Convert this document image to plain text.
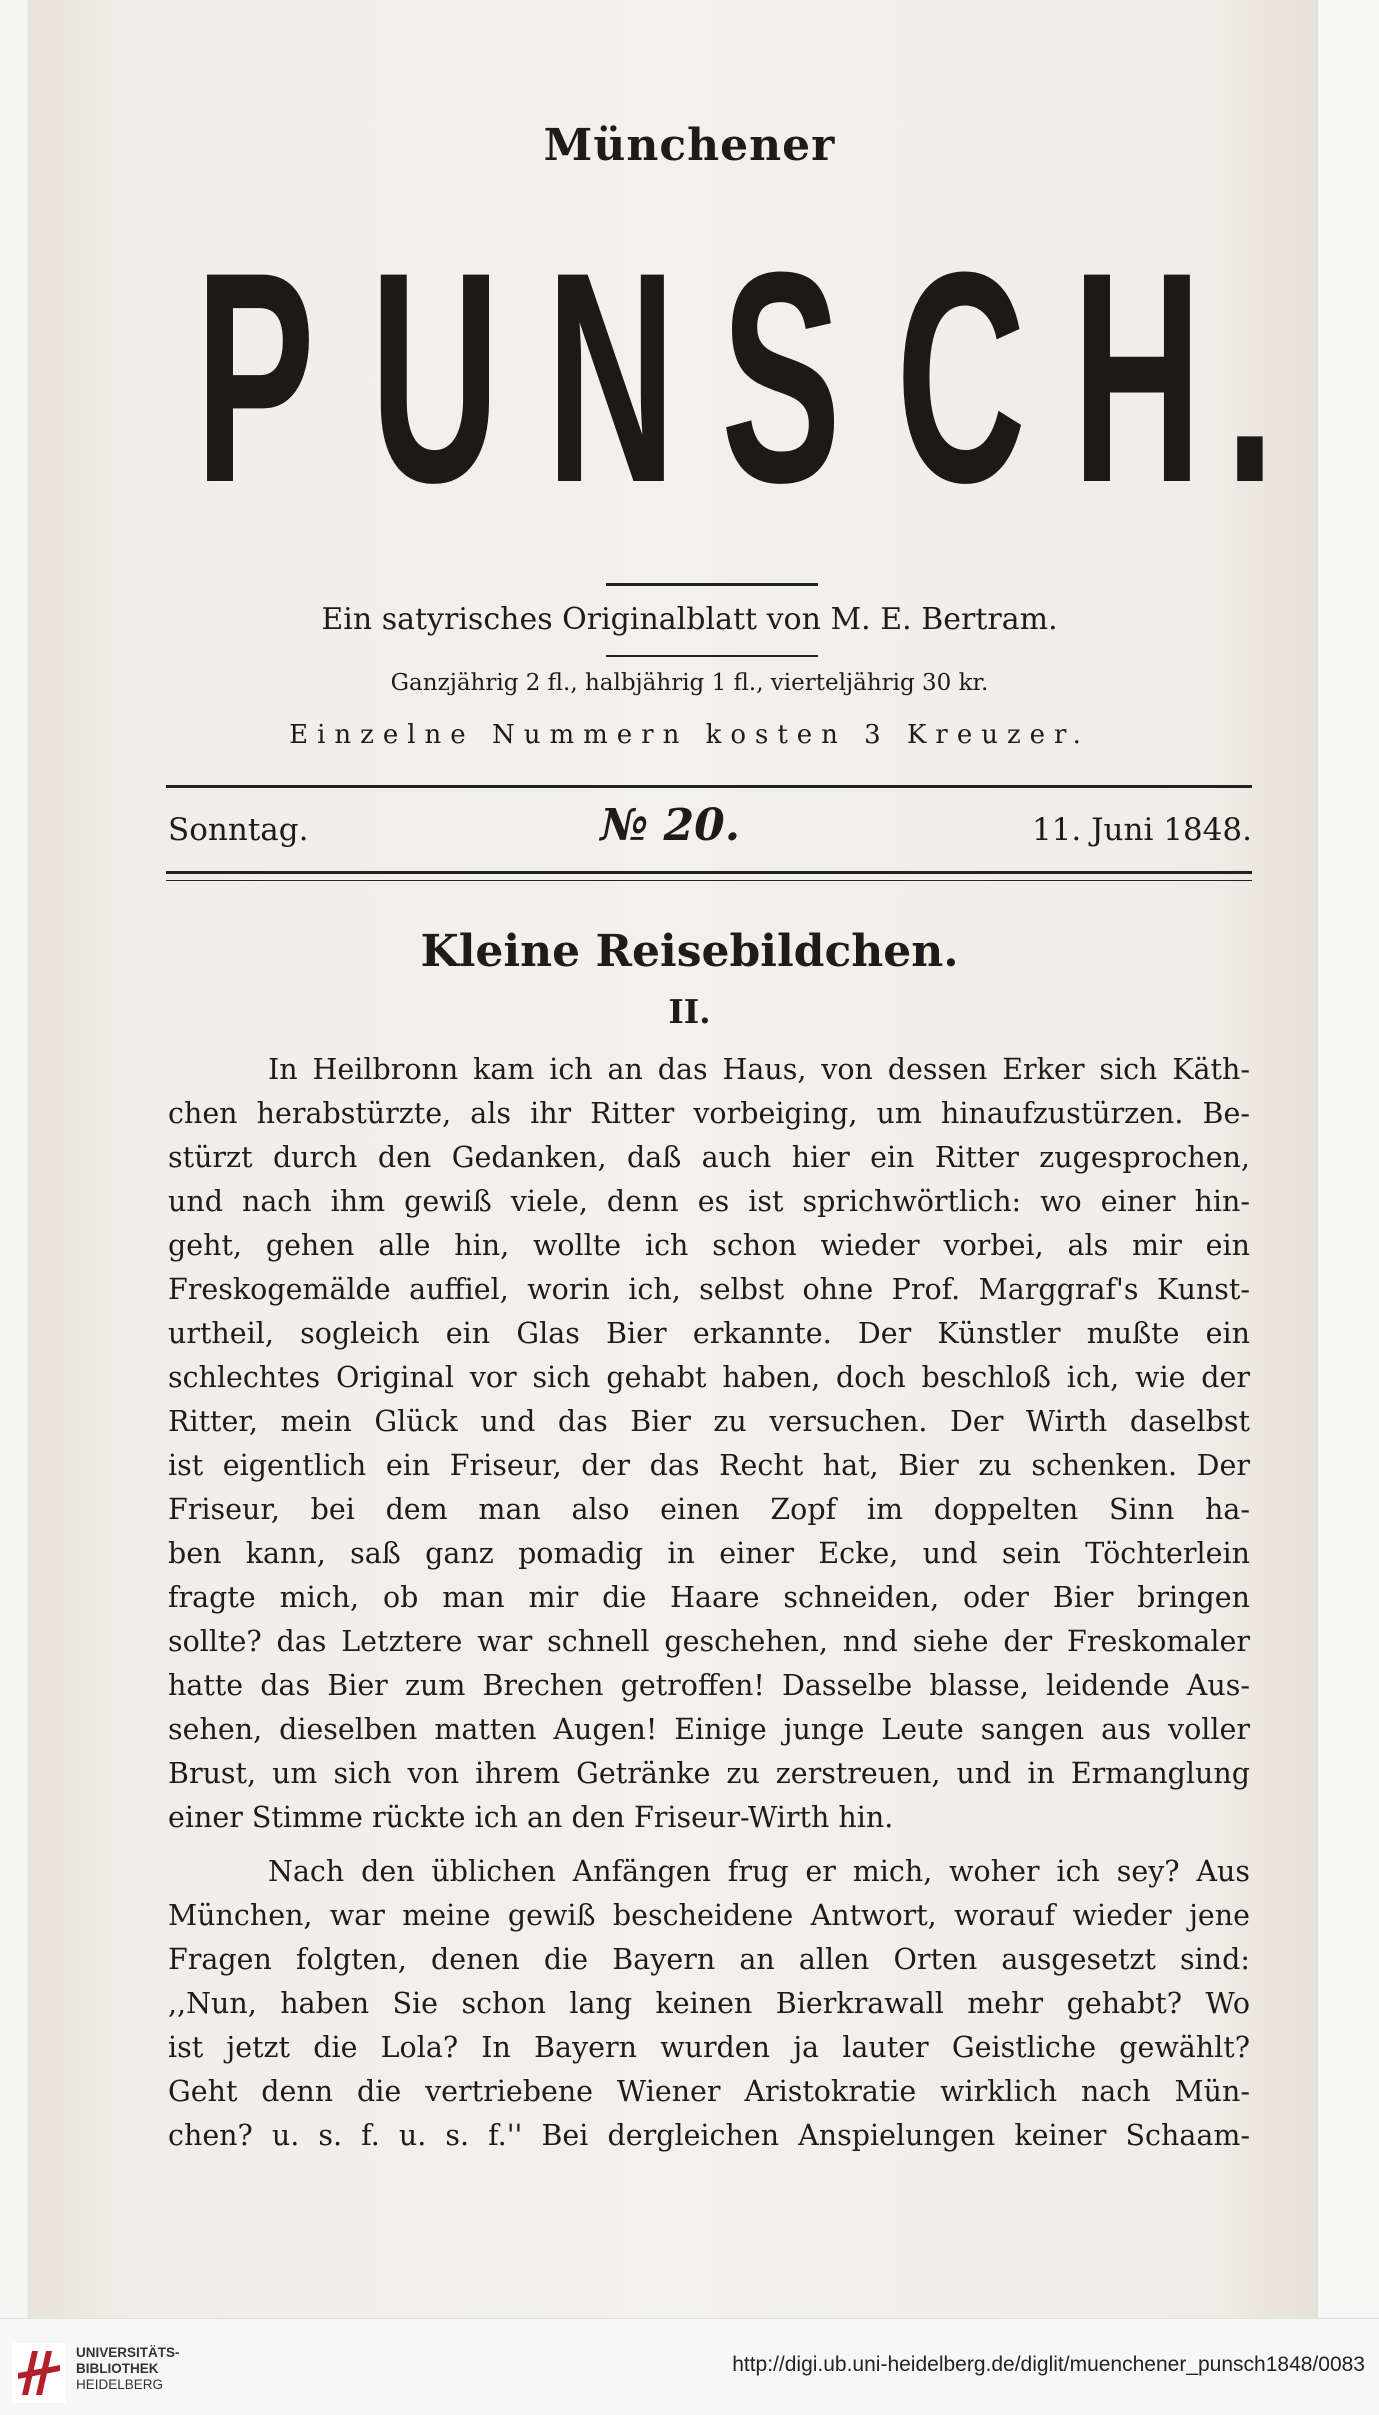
Münchener
P U N S C H .
Ein satyrisches Originalblatt von M. E. Bertram.
Ganzjährig 2 fl., halbjährig 1 fl., vierteljährig 30 kr.
Einzelne Nummern kosten 3 Kreuzer.
Sonntag.	№ 20.	11. Juni 1848.
Kleine Reisebildchen.
II.
In Heilbronn kam ich an das Haus, von dessen Erker sich Käth-
chen herabstürzte, als ihr Ritter vorbeiging, um hinaufzustürzen. Be-
stürzt durch den Gedanken, daß auch hier ein Ritter zugesprochen,
und nach ihm gewiß viele, denn es ist sprichwörtlich: wo einer hin-
geht, gehen alle hin, wollte ich schon wieder vorbei, als mir ein
Freskogemälde auffiel, worin ich, selbst ohne Prof. Marggraf's Kunst-
urtheil, sogleich ein Glas Bier erkannte. Der Künstler mußte ein
schlechtes Original vor sich gehabt haben, doch beschloß ich, wie der
Ritter, mein Glück und das Bier zu versuchen. Der Wirth daselbst
ist eigentlich ein Friseur, der das Recht hat, Bier zu schenken. Der
Friseur, bei dem man also einen Zopf im doppelten Sinn ha-
ben kann, saß ganz pomadig in einer Ecke, und sein Töchterlein
fragte mich, ob man mir die Haare schneiden, oder Bier bringen
sollte? das Letztere war schnell geschehen, nnd siehe der Freskomaler
hatte das Bier zum Brechen getroffen! Dasselbe blasse, leidende Aus-
sehen, dieselben matten Augen! Einige junge Leute sangen aus voller
Brust, um sich von ihrem Getränke zu zerstreuen, und in Ermanglung
einer Stimme rückte ich an den Friseur-Wirth hin.
Nach den üblichen Anfängen frug er mich, woher ich sey? Aus
München, war meine gewiß bescheidene Antwort, worauf wieder jene
Fragen folgten, denen die Bayern an allen Orten ausgesetzt sind:
,,Nun, haben Sie schon lang keinen Bierkrawall mehr gehabt? Wo
ist jetzt die Lola? In Bayern wurden ja lauter Geistliche gewählt?
Geht denn die vertriebene Wiener Aristokratie wirklich nach Mün-
chen? u. s. f. u. s. f.'' Bei dergleichen Anspielungen keiner Schaam-
UNIVERSITÄTS-
BIBLIOTHEK
HEIDELBERG
http://digi.ub.uni-heidelberg.de/diglit/muenchener_punsch1848/0083
